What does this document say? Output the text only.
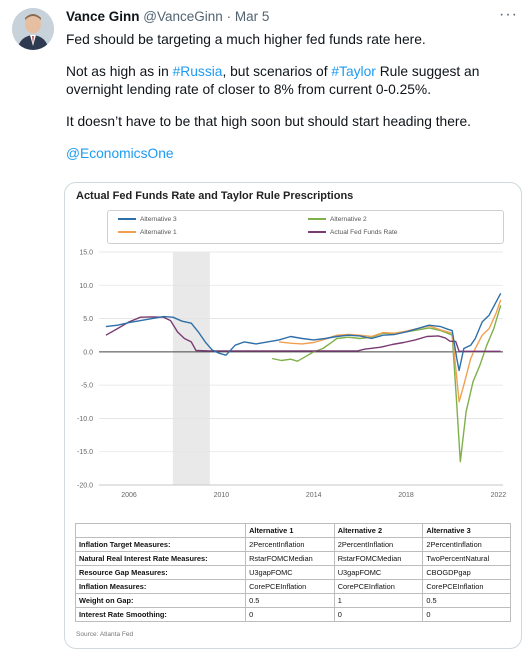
Vance Ginn @VanceGinn · Mar 5	···

Fed should be targeting a much higher fed funds rate here.

Not as high as in #Russia, but scenarios of #Taylor Rule suggest an overnight lending rate of closer to 8% from current 0-0.25%.

It doesn’t have to be that high soon but should start heading there.

@EconomicsOne

Actual Fed Funds Rate and Taylor Rule Prescriptions
Alternative 3
Alternative 1
Alternative 2
Actual Fed Funds Rate
15.0
10.0
5.0
0.0
-5.0
-10.0
-15.0
-20.0
2006	2010	2014	2018	2022
	Alternative 1	Alternative 2	Alternative 3
Inflation Target Measures:	2PercentInflation	2PercentInflation	2PercentInflation
Natural Real Interest Rate Measures:	RstarFOMCMedian	RstarFOMCMedian	TwoPercentNatural
Resource Gap Measures:	U3gapFOMC	U3gapFOMC	CBOGDPgap
Inflation Measures:	CorePCEInflation	CorePCEInflation	CorePCEInflation
Weight on Gap:	0.5	1	0.5
Interest Rate Smoothing:	0	0	0
Source: Atlanta Fed
